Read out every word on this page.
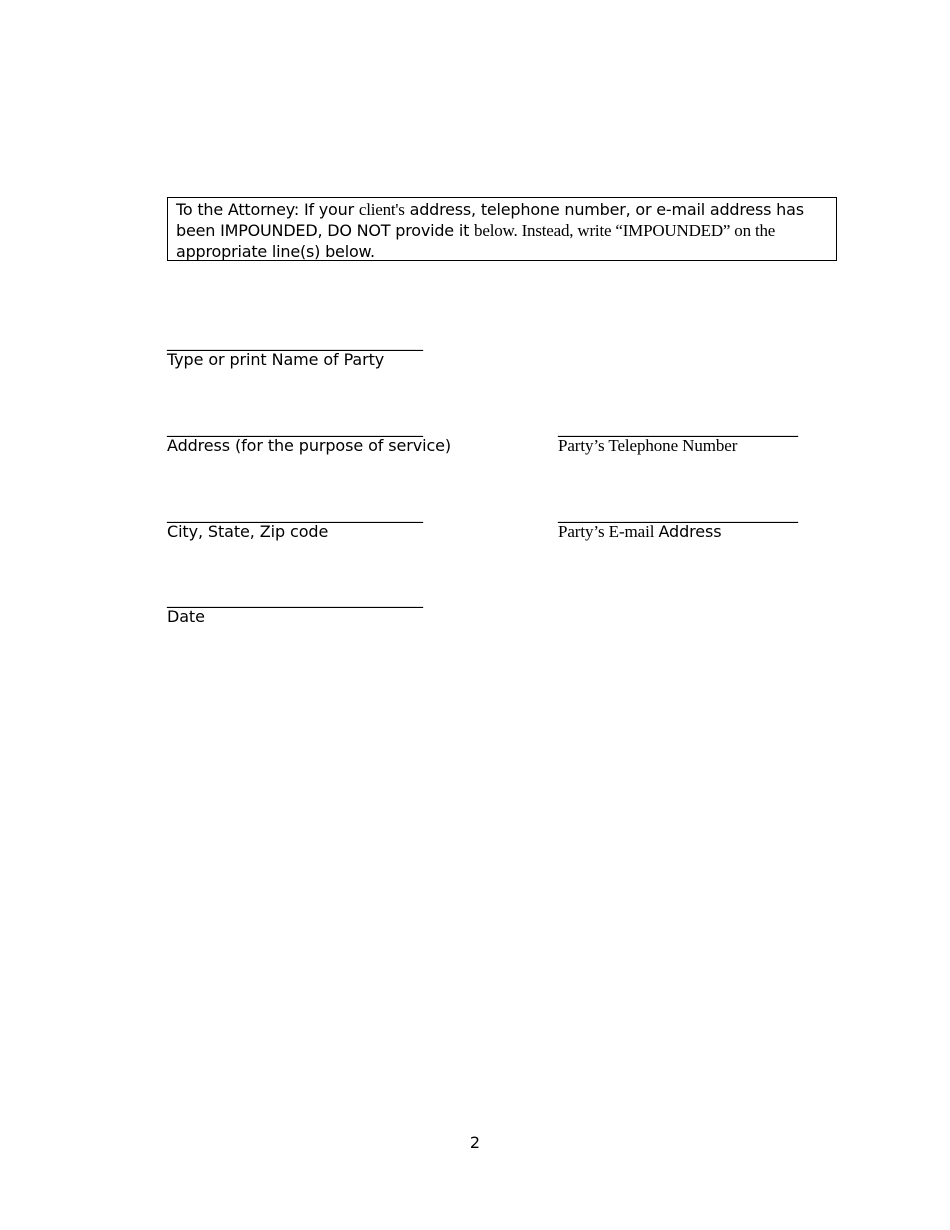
To the Attorney: If your client's address, telephone number, or e-mail address has been IMPOUNDED, DO NOT provide it below. Instead, write “IMPOUNDED” on the appropriate line(s) below.
________________________________
Type or print Name of Party
________________________________
Address (for the purpose of service)
______________________________
Party’s Telephone Number
________________________________
City, State, Zip code
______________________________
Party’s E-mail Address
________________________________
Date
2
